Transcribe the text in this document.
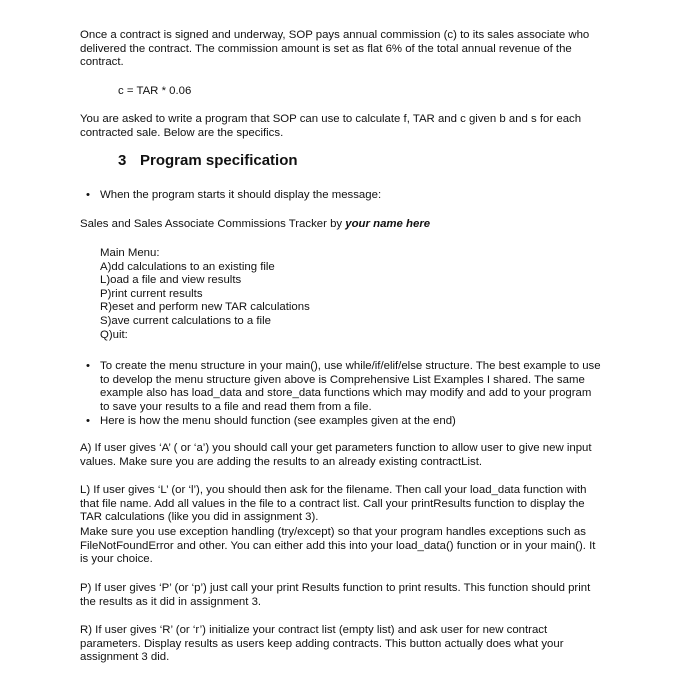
Once a contract is signed and underway, SOP pays annual commission (c) to its sales associate who delivered the contract. The commission amount is set as flat 6% of the total annual revenue of the contract.

c = TAR * 0.06

You are asked to write a program that SOP can use to calculate f, TAR and c given b and s for each contracted sale. Below are the specifics.

3 Program specification
• When the program starts it should display the message:

Sales and Sales Associate Commissions Tracker by your name here

Main Menu:
A)dd calculations to an existing file
L)oad a file and view results
P)rint current results
R)eset and perform new TAR calculations
S)ave current calculations to a file
Q)uit:
• To create the menu structure in your main(), use while/if/elif/else structure. The best example to use to develop the menu structure given above is Comprehensive List Examples I shared. The same example also has load_data and store_data functions which may modify and add to your program to save your results to a file and read them from a file.
• Here is how the menu should function (see examples given at the end)

A) If user gives ‘A’ ( or ‘a’) you should call your get parameters function to allow user to give new input values. Make sure you are adding the results to an already existing contractList.

L) If user gives ‘L’ (or ‘l’), you should then ask for the filename. Then call your load_data function with that file name. Add all values in the file to a contract list. Call your printResults function to display the TAR calculations (like you did in assignment 3).

Make sure you use exception handling (try/except) so that your program handles exceptions such as FileNotFoundError and other. You can either add this into your load_data() function or in your main(). It is your choice.

P) If user gives ‘P’ (or ‘p’) just call your print Results function to print results. This function should print the results as it did in assignment 3.

R) If user gives ‘R’ (or ‘r’) initialize your contract list (empty list) and ask user for new contract parameters. Display results as users keep adding contracts. This button actually does what your assignment 3 did.
